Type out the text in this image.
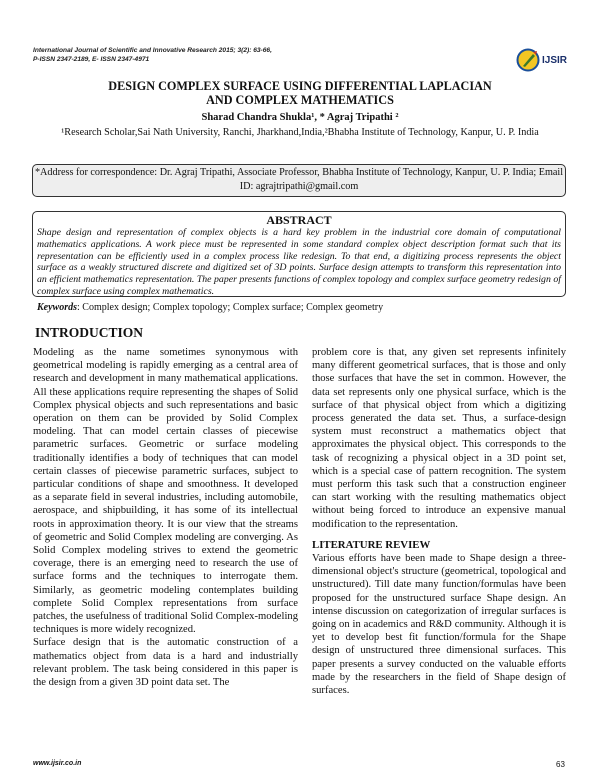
International Journal of Scientific and Innovative Research 2015; 3(2): 63-66,
P-ISSN 2347-2189, E- ISSN 2347-4971	IJSIR
DESIGN COMPLEX SURFACE USING DIFFERENTIAL LAPLACIAN
AND COMPLEX MATHEMATICS
Sharad Chandra Shukla¹, * Agraj Tripathi ²
¹Research Scholar,Sai Nath University, Ranchi, Jharkhand,India,²Bhabha Institute of Technology, Kanpur, U. P. India
*Address for correspondence: Dr. Agraj Tripathi, Associate Professor, Bhabha Institute of Technology, Kanpur, U. P. India; Email ID: agrajtripathi@gmail.com
ABSTRACT
Shape design and representation of complex objects is a hard key problem in the industrial core domain of computational mathematics applications. A work piece must be represented in some standard complex object description format such that its representation can be efficiently used in a complex process like redesign. To that end, a digitizing process represents the object surface as a weakly structured discrete and digitized set of 3D points. Surface design attempts to transform this representation into an efficient mathematics representation. The paper presents functions of complex topology and complex surface geometry redesign of complex surface using complex mathematics.
Keywords: Complex design; Complex topology; Complex surface; Complex geometry
INTRODUCTION

Modeling as the name sometimes synonymous with geometrical modeling is rapidly emerging as a central area of research and development in many mathematical applications. All these applications require representing the shapes of Solid Complex physical objects and such representations and basic operation on them can be provided by Solid Complex modeling. That can model certain classes of piecewise parametric surfaces. Geometric or surface modeling traditionally identifies a body of techniques that can model certain classes of piecewise parametric surfaces, subject to particular conditions of shape and smoothness. It developed as a separate field in several industries, including automobile, aerospace, and shipbuilding, it has some of its intellectual roots in approximation theory. It is our view that the streams of geometric and Solid Complex modeling are converging. As Solid Complex modeling strives to extend the geometric coverage, there is an emerging need to research the use of surface forms and the techniques to interrogate them. Similarly, as geometric modeling contemplates building complete Solid Complex representations from surface patches, the usefulness of traditional Solid Complex-modeling techniques is more widely recognized.

Surface design that is the automatic construction of a mathematics object from data is a hard and industrially relevant problem. The task being considered in this paper is the design from a given 3D point data set. The

problem core is that, any given set represents infinitely many different geometrical surfaces, that is those and only those surfaces that have the set in common. However, the data set represents only one physical surface, which is the surface of that physical object from which a digitizing process generated the data set. Thus, a surface-design system must reconstruct a mathematics object that approximates the physical object. This corresponds to the task of recognizing a physical object in a 3D point set, which is a special case of pattern recognition. The system must perform this task such that a construction engineer can start working with the resulting mathematics object without being forced to introduce an expensive manual modification to the representation.

LITERATURE REVIEW

Various efforts have been made to Shape design a three-dimensional object's structure (geometrical, topological and unstructured). Till date many function/formulas have been proposed for the unstructured surface Shape design. An intense discussion on categorization of irregular surfaces is going on in academics and R&D community. Although it is yet to develop best fit function/formula for the Shape design of unstructured three dimensional surfaces. This paper presents a survey conducted on the valuable efforts made by the researchers in the field of Shape design of surfaces.

www.ijsir.co.in	63
